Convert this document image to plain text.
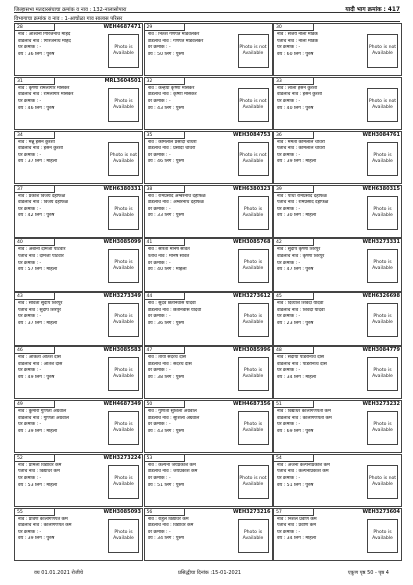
जिल्हासभा मतदारसंघाचा क्रमांक व नाव : 132-नालासोपारा	यादी भाग क्रमांक : 417
विभागाचा क्रमांक व नाव : 1-आचोळा गाव सालास परिसर
28	WEH4687471
नाव : अश्विनी गिरिजनाथ मोहदे
वडिलांचे नाव : गिरिजनाथ मोहदे
घर क्रमांक : -
वय : 36 लिंग : पुरुष
Photo is Available
29
नाव : नितेश गणपत मांडवलकर
वडिलांचे नाव : गणपत मांडवलकर
घर क्रमांक : -
वय : 50 लिंग : पुरुष
Photo is not Available
30
नाव : संजय नीला मोडके
पतीचे नाव : नीला मोडके
घर क्रमांक : -
वय : 60 लिंग : पुरुष
Photo is not Available
31	MRL3604501
नाव : कृष्णा रामलागोर मोसकर
वडिलांचे नाव : रामलागोर मोसकर
घर क्रमांक : -
वय : 46 लिंग : पुरुष
Photo is Available
32
नाव : कन्हैया कृष्णा मोसकर
वडिलांचे नाव : कृष्णा मोसकर
घर क्रमांक : -
वय : 43 लिंग : पुरुष
Photo is not Available
33
नाव : लाला हसन कुरेशी
वडिलांचे नाव : हसन कुरेशी
घर क्रमांक : -
वय : 40 लिंग : पुरुष
Photo is not Available
34
नाव : मन्नू हसन कुरेशी
वडिलांचे नाव : हसन कुरेशी
घर क्रमांक : -
वय : 37 लिंग : महिला
Photo is not Available
35	WEH3084753
नाव : कोमलाल प्रसादी चौधरी
वडिलांचे नाव : प्रसादी चौधरी
घर क्रमांक : -
वय : 46 लिंग : पुरुष
Photo is not Available
36	WEH3084761
नाव : ममता कोमलाल चौधरी
पतीचे नाव : कोमलाल चौधरी
घर क्रमांक : -
वय : 39 लिंग : महिला
Photo is Available
37	WEH6380331
नाव : प्रकाश विजय दहीफळे
वडिलांचे नाव : विजय दहीफळे
घर क्रमांक : -
वय : 42 लिंग : पुरुष
Photo is Available
38	WEH6380323
नाव : रामप्रसाद अम्बरनाथ दहीफळ
वडिलांचे नाव : अम्बरनाथ दहीफळ
घर क्रमांक : -
वय : 33 लिंग : पुरुष
Photo is Available
39	WEH6380315
नाव : पाथा रामप्रसाद दहीफळ
पतीचे नाव : रामप्रसाद दहीफळ
घर क्रमांक : -
वय : 30 लिंग : महिला
Photo is Available
40	WEH3085099
नाव : अंबानी दामजी पाटवार
पतीचे नाव : दामजी पाटवार
घर क्रमांक : -
वय : 57 लिंग : महिला
Photo is Available
41	WEH3085768
नाव : सरिता मनिष सावंत
पतीचे नाव : मनिष सावंत
घर क्रमांक : -
वय : 40 लिंग : महिला
Photo is Available
42	WEH3273331
नाव : सुदीप कृष्णा शिरपुर
वडिलांचे नाव : कृष्णा शिरपुर
घर क्रमांक : -
वय : 47 लिंग : पुरुष
Photo is Available
43	WEH3273349
नाव : सविता सुदीप शिरपुर
पतीचे नाव : सुदीप शिरपुर
घर क्रमांक : -
वय : 37 लिंग : महिला
Photo is Available
44	WEH3273612
नाव : सुदेव छतनिवास यादवी
वडिलांचे नाव : छतनिवास यादवी
घर क्रमांक : -
वय : 36 लिंग : पुरुष
Photo is Available
45	WEH6326698
नाव : दिव्यांश शिवदा यादवी
वडिलांचे नाव : शिवदा यादवी
घर क्रमांक : -
वय : 23 लिंग : पुरुष
Photo is Available
46	WEH3085583
नाव : अंकिता अतिश दास
वडिलांचे नाव : अतिश दास
घर क्रमांक : -
वय : 49 लिंग : पुरुष
Photo is Available
47	WEH3085996
नाव : ताया सदरथ दास
वडिलांचे नाव : सदरथ दास
घर क्रमांक : -
वय : 38 लिंग : पुरुष
Photo is Available
48	WEH3084779
नाव : सदीया पांडरीनाथ दास
वडिलांचे नाव : पांडरीनाथ दास
घर क्रमांक : -
वय : 34 लिंग : महिला
Photo is Available
49	WEH4687349
नाव : कुमारी गुणिता अग्रवाल
वडिलांचे नाव : गुणिता अग्रवाल
घर क्रमांक : -
वय : 39 लिंग : महिला
Photo is Available
50	WEH4687356
नाव : गुणिता सुशिला अग्रवाल
वडिलांचे नाव : सुशिला अग्रवाल
घर क्रमांक : -
वय : 43 लिंग : पुरुष
Photo is Available
51	WEH3273232
नाव : विद्याधर कालीगणपती कर्म
वडिलांचे नाव : कालीगणपती कर्म
घर क्रमांक : -
वय : 69 लिंग : पुरुष
Photo is Available
52	WEH3273224
नाव : प्रमिला विद्याधर कर्म
पतीचे नाव : विद्याधर कर्म
घर क्रमांक : -
वय : 53 लिंग : महिला
Photo is Available
53
नाव : कल्पना जयप्रकाश कर्म
वडिलांचे नाव : जयप्रकाश कर्म
घर क्रमांक : -
वय : 51 लिंग : पुरुष
Photo is not Available
54
नाव : अंजना कल्पनाप्रकाश कर्म
पतीचे नाव : कल्पनाप्रकाश कर्म
घर क्रमांक : -
वय : 51 लिंग : पुरुष
Photo is not Available
55	WEH3085093
नाव : प्रविण कालीगणपत कर्म
वडिलांचे नाव : कालीगणपत कर्म
घर क्रमांक : -
वय : 39 लिंग : पुरुष
Photo is Available
56	WEH3273216
नाव : राहुल विद्याधर कर्म
वडिलांचे नाव : विद्याधर कर्म
घर क्रमांक : -
वय : 34 लिंग : पुरुष
Photo is Available
57	WEH3273604
नाव : निशल प्रवीण कर्म
पतीचे नाव : प्रवीण कर्म
घर क्रमांक : -
वय : 34 लिंग : महिला
Photo is Available
वय 01.01.2021 रोजीचे	प्रसिद्धीचा दिनांक :15-01-2021	एकूण पृष्ठ 50 - पृष्ठ 4
